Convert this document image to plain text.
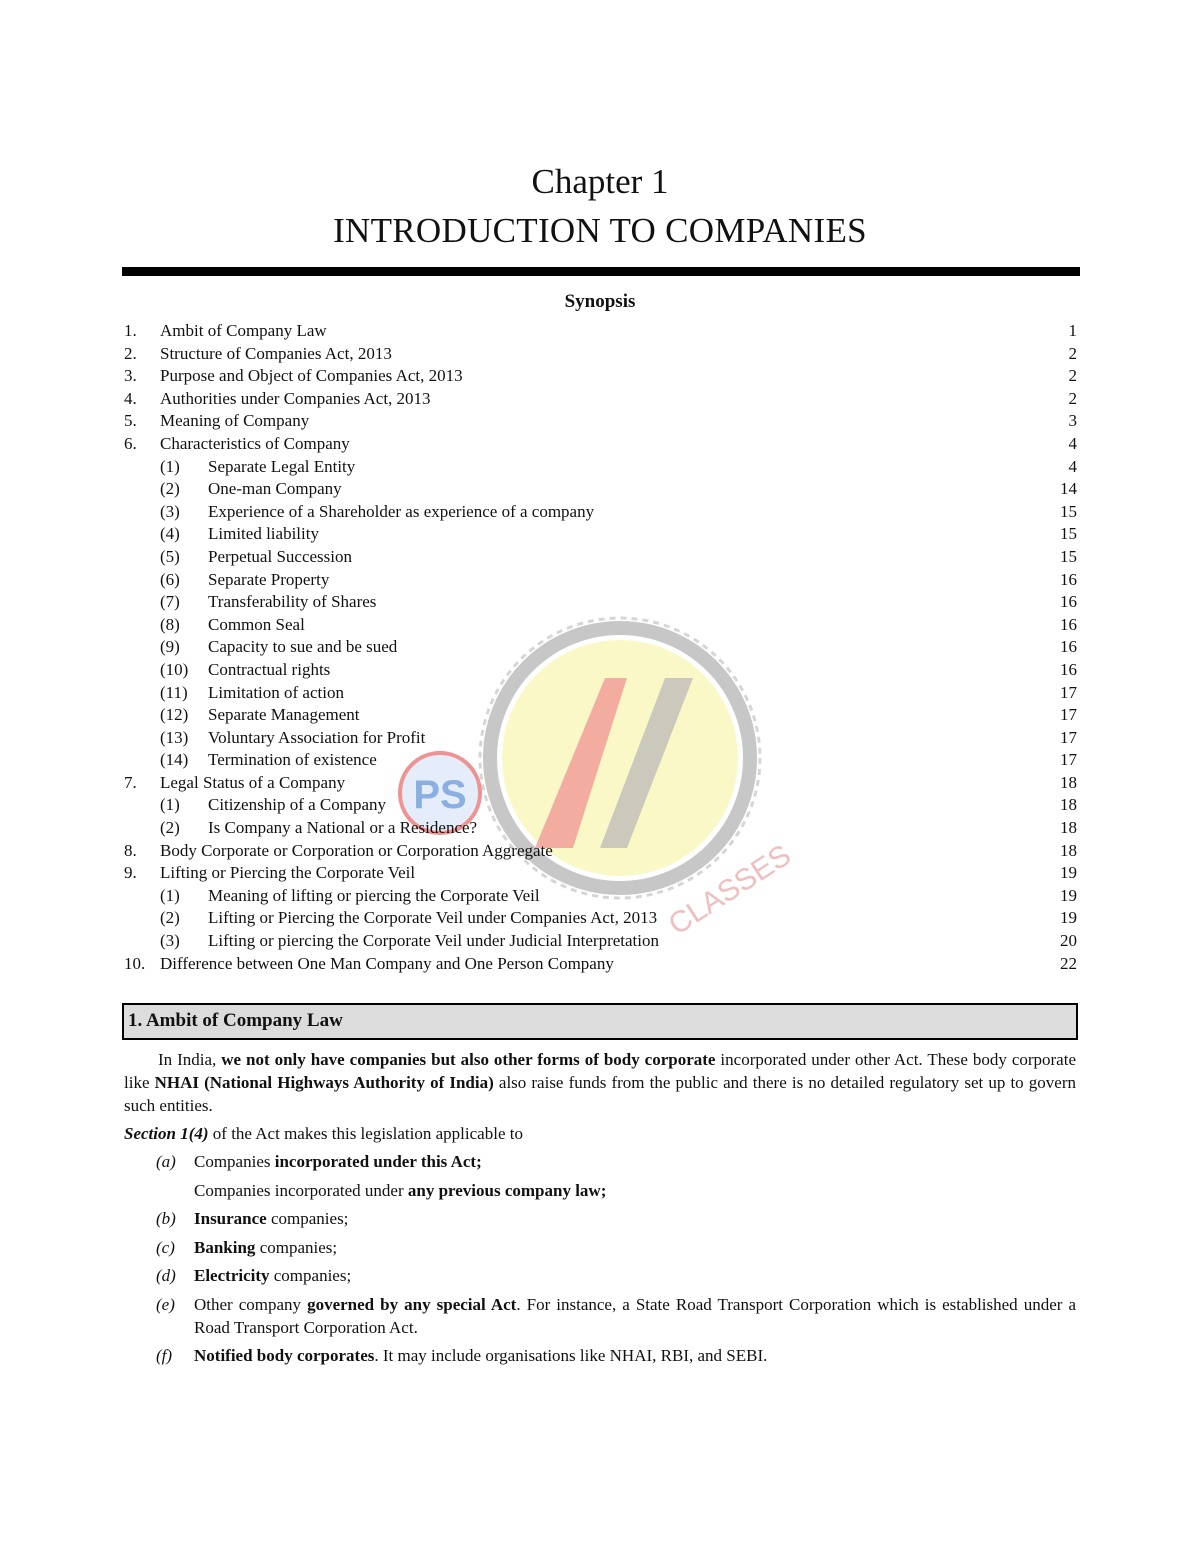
PS
CLASSES
Chapter 1
INTRODUCTION TO COMPANIES
Synopsis
1. Ambit of Company Law	1
2. Structure of Companies Act, 2013	2
3. Purpose and Object of Companies Act, 2013	2
4. Authorities under Companies Act, 2013	2
5. Meaning of Company	3
6. Characteristics of Company	4
(1) Separate Legal Entity	4
(2) One-man Company	14
(3) Experience of a Shareholder as experience of a company	15
(4) Limited liability	15
(5) Perpetual Succession	15
(6) Separate Property	16
(7) Transferability of Shares	16
(8) Common Seal	16
(9) Capacity to sue and be sued	16
(10) Contractual rights	16
(11) Limitation of action	17
(12) Separate Management	17
(13) Voluntary Association for Profit	17
(14) Termination of existence	17
7. Legal Status of a Company	18
(1) Citizenship of a Company	18
(2) Is Company a National or a Residence?	18
8. Body Corporate or Corporation or Corporation Aggregate	18
9. Lifting or Piercing the Corporate Veil	19
(1) Meaning of lifting or piercing the Corporate Veil	19
(2) Lifting or Piercing the Corporate Veil under Companies Act, 2013	19
(3) Lifting or piercing the Corporate Veil under Judicial Interpretation	20
10. Difference between One Man Company and One Person Company	22
1. Ambit of Company Law
In India, we not only have companies but also other forms of body corporate incorporated under other Act. These body corporate like NHAI (National Highways Authority of India) also raise funds from the public and there is no detailed regulatory set up to govern such entities.
Section 1(4) of the Act makes this legislation applicable to
(a) Companies incorporated under this Act;
Companies incorporated under any previous company law;
(b) Insurance companies;
(c) Banking companies;
(d) Electricity companies;
(e) Other company governed by any special Act. For instance, a State Road Transport Corporation which is established under a Road Transport Corporation Act.
(f) Notified body corporates. It may include organisations like NHAI, RBI, and SEBI.
